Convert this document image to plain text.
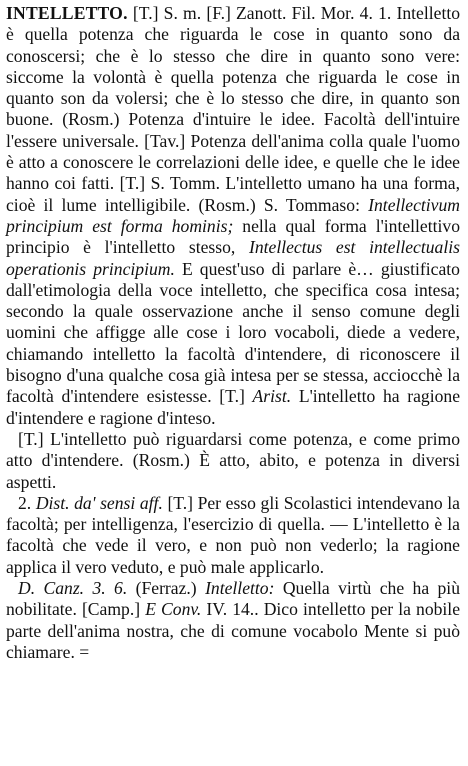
INTELLETTO. [T.] S. m. [F.] Zanott. Fil. Mor. 4. 1. Intelletto è quella potenza che riguarda le cose in quanto sono da conoscersi; che è lo stesso che dire in quanto sono vere: siccome la volontà è quella potenza che riguarda le cose in quanto son da volersi; che è lo stesso che dire, in quanto son buone. (Rosm.) Potenza d'intuire le idee. Facoltà dell'intuire l'essere universale. [Tav.] Potenza dell'anima colla quale l'uomo è atto a conoscere le correlazioni delle idee, e quelle che le idee hanno coi fatti. [T.] S. Tomm. L'intelletto umano ha una forma, cioè il lume intelligibile. (Rosm.) S. Tommaso: Intellectivum principium est forma hominis; nella qual forma l'intellettivo principio è l'intelletto stesso, Intellectus est intellectualis operationis principium. E quest'uso di parlare è… giustificato dall'etimologia della voce intelletto, che specifica cosa intesa; secondo la quale osservazione anche il senso comune degli uomini che affigge alle cose i loro vocaboli, diede a vedere, chiamando intelletto la facoltà d'intendere, di riconoscere il bisogno d'una qualche cosa già intesa per se stessa, acciocchè la facoltà d'intendere esistesse. [T.] Arist. L'intelletto ha ragione d'intendere e ragione d'inteso.

[T.] L'intelletto può riguardarsi come potenza, e come primo atto d'intendere. (Rosm.) È atto, abito, e potenza in diversi aspetti.

2. Dist. da' sensi aff. [T.] Per esso gli Scolastici intendevano la facoltà; per intelligenza, l'esercizio di quella. — L'intelletto è la facoltà che vede il vero, e non può non vederlo; la ragione applica il vero veduto, e può male applicarlo.

D. Canz. 3. 6. (Ferraz.) Intelletto: Quella virtù che ha più nobilitate. [Camp.] E Conv. IV. 14.. Dico intelletto per la nobile parte dell'anima nostra, che di comune vocabolo Mente si può chiamare. =
